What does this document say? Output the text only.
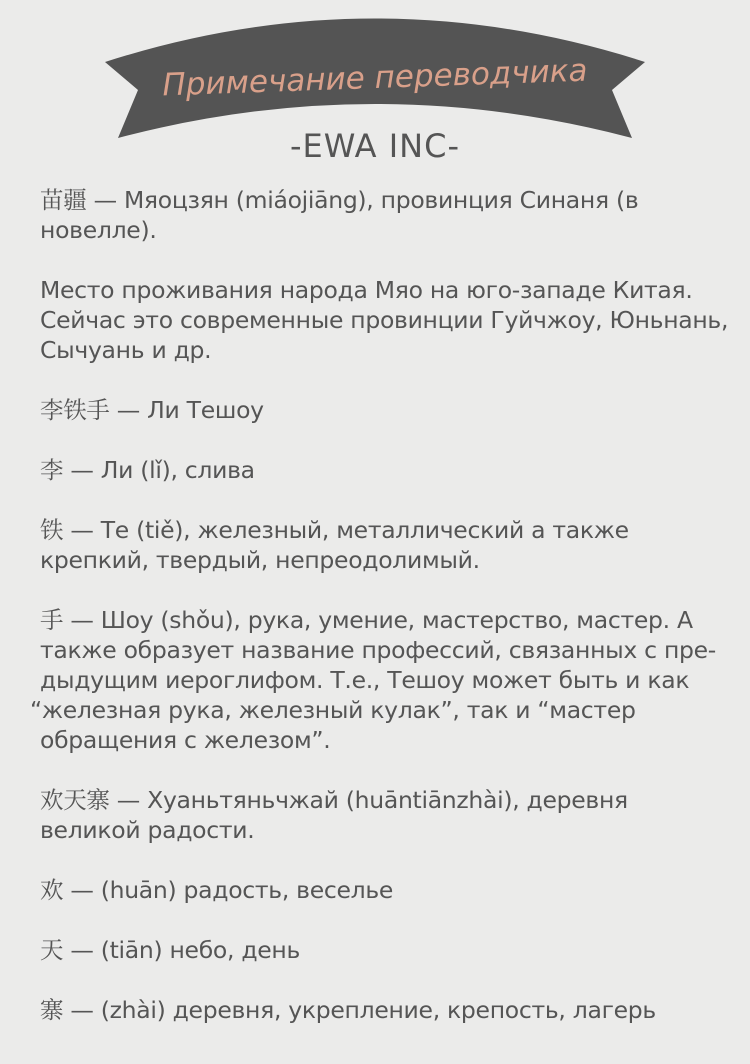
Примечание переводчика
-EWA INC-

苗疆 — Мяоцзян (miáojiāng), провинция Синаня (в новелле).

Место проживания народа Мяо на юго-западе Китая. Сейчас это современные провинции Гуйчжоу, Юньнань, Сычуань и др.

李铁手 — Ли Тешоу

李 — Ли (lǐ), слива

铁 — Те (tiě), железный, металлический а также крепкий, твердый, непреодолимый.

手 — Шоу (shǒu), рука, умение, мастерство, мастер. А
также образует название профессий, связанных с пре-
дыдущим иероглифом. Т.е., Тешоу может быть и как
“железная рука, железный кулак”, так и “мастер
обращения с железом”.

欢天寨 — Хуаньтяньчжай (huāntiānzhài), деревня великой радости.

欢 — (huān) радость, веселье

天 — (tiān) небо, день

寨 — (zhài) деревня, укрепление, крепость, лагерь
